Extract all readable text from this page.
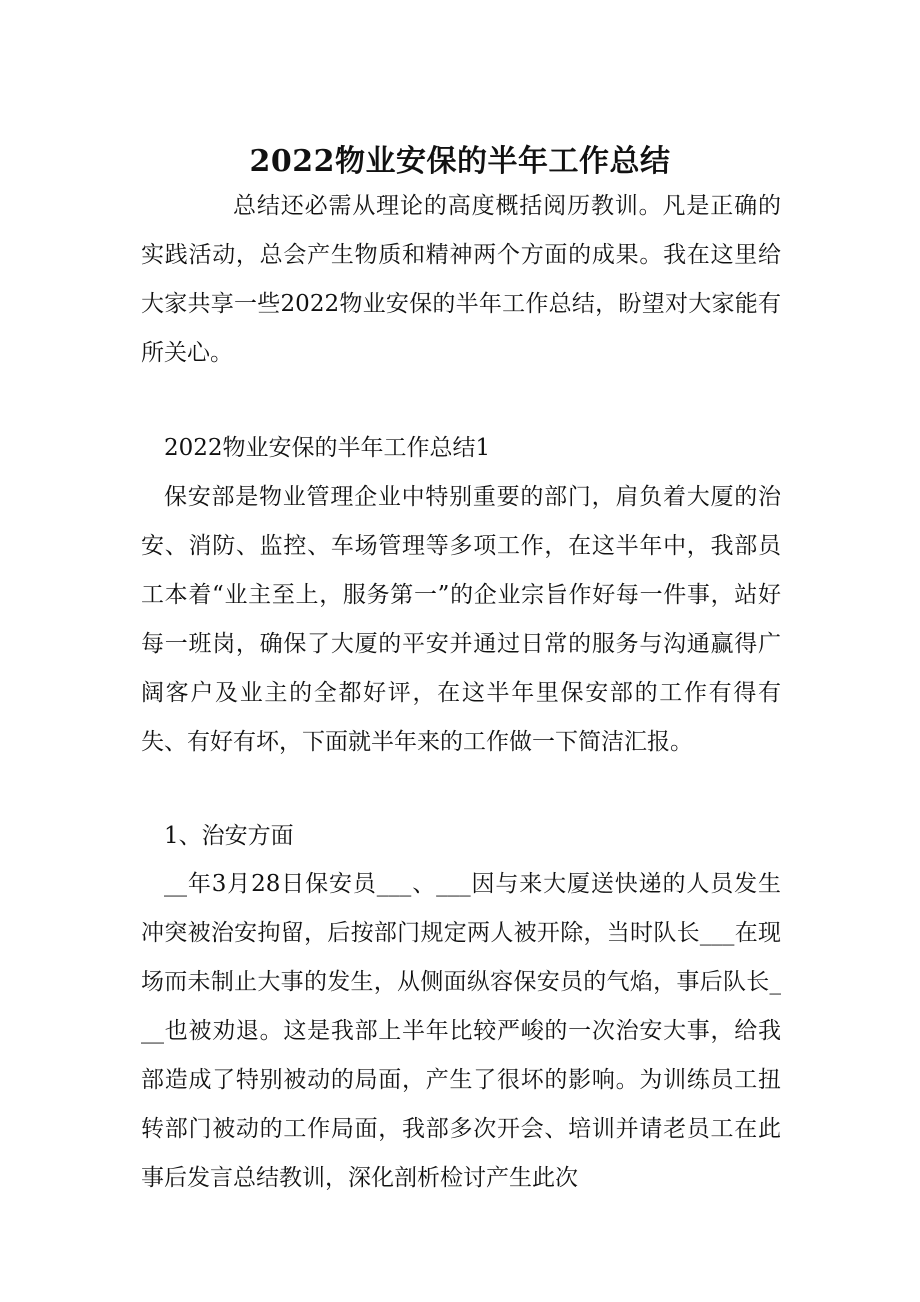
2022物业安保的半年工作总结

总结还必需从理论的高度概括阅历教训。凡是正确的实践活动，总会产生物质和精神两个方面的成果。我在这里给大家共享一些2022物业安保的半年工作总结，盼望对大家能有所关心。

2022物业安保的半年工作总结1

保安部是物业管理企业中特别重要的部门，肩负着大厦的治安、消防、监控、车场管理等多项工作，在这半年中，我部员工本着“业主至上，服务第一”的企业宗旨作好每一件事，站好每一班岗，确保了大厦的平安并通过日常的服务与沟通赢得广阔客户及业主的全都好评，在这半年里保安部的工作有得有失、有好有坏，下面就半年来的工作做一下简洁汇报。

1、治安方面

__年3月28日保安员___、___因与来大厦送快递的人员发生冲突被治安拘留，后按部门规定两人被开除，当时队长___在现场而未制止大事的发生，从侧面纵容保安员的气焰，事后队长___也被劝退。这是我部上半年比较严峻的一次治安大事，给我部造成了特别被动的局面，产生了很坏的影响。为训练员工扭转部门被动的工作局面，我部多次开会、培训并请老员工在此事后发言总结教训，深化剖析检讨产生此次
